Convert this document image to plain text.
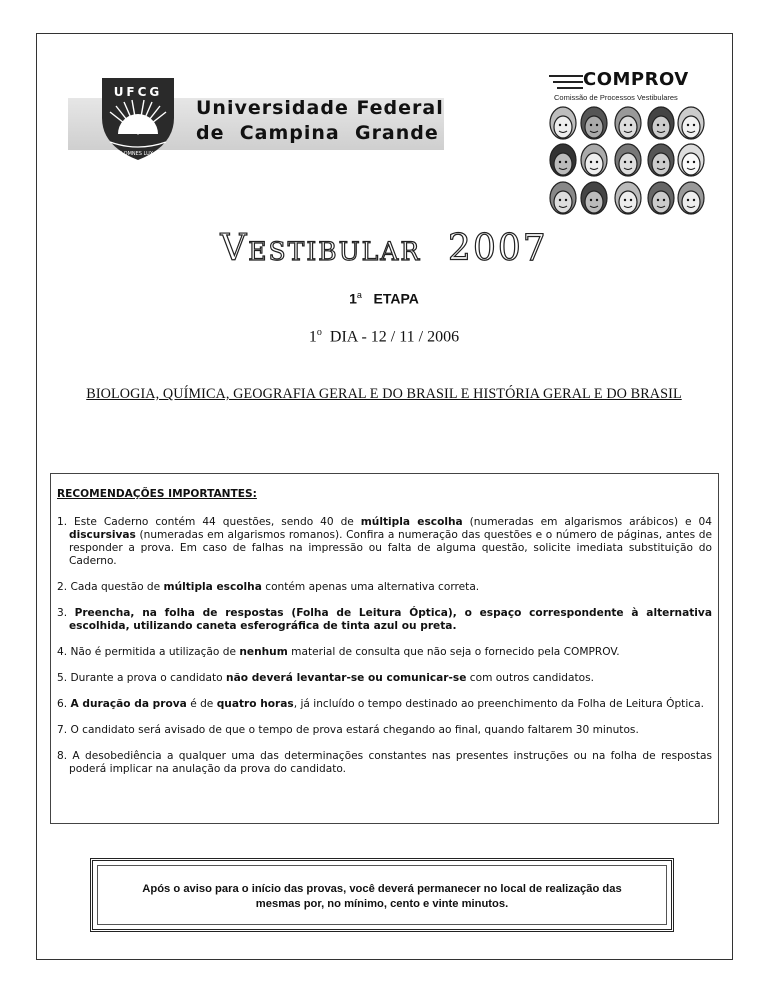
UFCG
MIHI OMNES LUX ILLE
Universidade Federal
de  Campina  Grande
COMPROV
Comissão de Processos Vestibulares
Vestibular  2007
1$^a$ ETAPA
1$^o$ DIA - 12 / 11 / 2006
BIOLOGIA, QUÍMICA, GEOGRAFIA GERAL E DO BRASIL E HISTÓRIA GERAL E DO BRASIL
RECOMENDAÇÕES IMPORTANTES:
1. Este Caderno contém 44 questões, sendo 40 de múltipla escolha (numeradas em algarismos arábicos) e 04 discursivas (numeradas em algarismos romanos). Confira a numeração das questões e o número de páginas, antes de responder a prova. Em caso de falhas na impressão ou falta de alguma questão, solicite imediata substituição do Caderno.
2. Cada questão de múltipla escolha contém apenas uma alternativa correta.
3. Preencha, na folha de respostas (Folha de Leitura Óptica), o espaço correspondente à alternativa escolhida, utilizando caneta esferográfica de tinta azul ou preta.
4. Não é permitida a utilização de nenhum material de consulta que não seja o fornecido pela COMPROV.
5. Durante a prova o candidato não deverá levantar-se ou comunicar-se com outros candidatos.
6. A duração da prova é de quatro horas, já incluído o tempo destinado ao preenchimento da Folha de Leitura Óptica.
7. O candidato será avisado de que o tempo de prova estará chegando ao final, quando faltarem 30 minutos.
8. A desobediência a qualquer uma das determinações constantes nas presentes instruções ou na folha de respostas poderá implicar na anulação da prova do candidato.
Após o aviso para o início das provas, você deverá permanecer no local de realização das
mesmas por, no mínimo, cento e vinte minutos.
